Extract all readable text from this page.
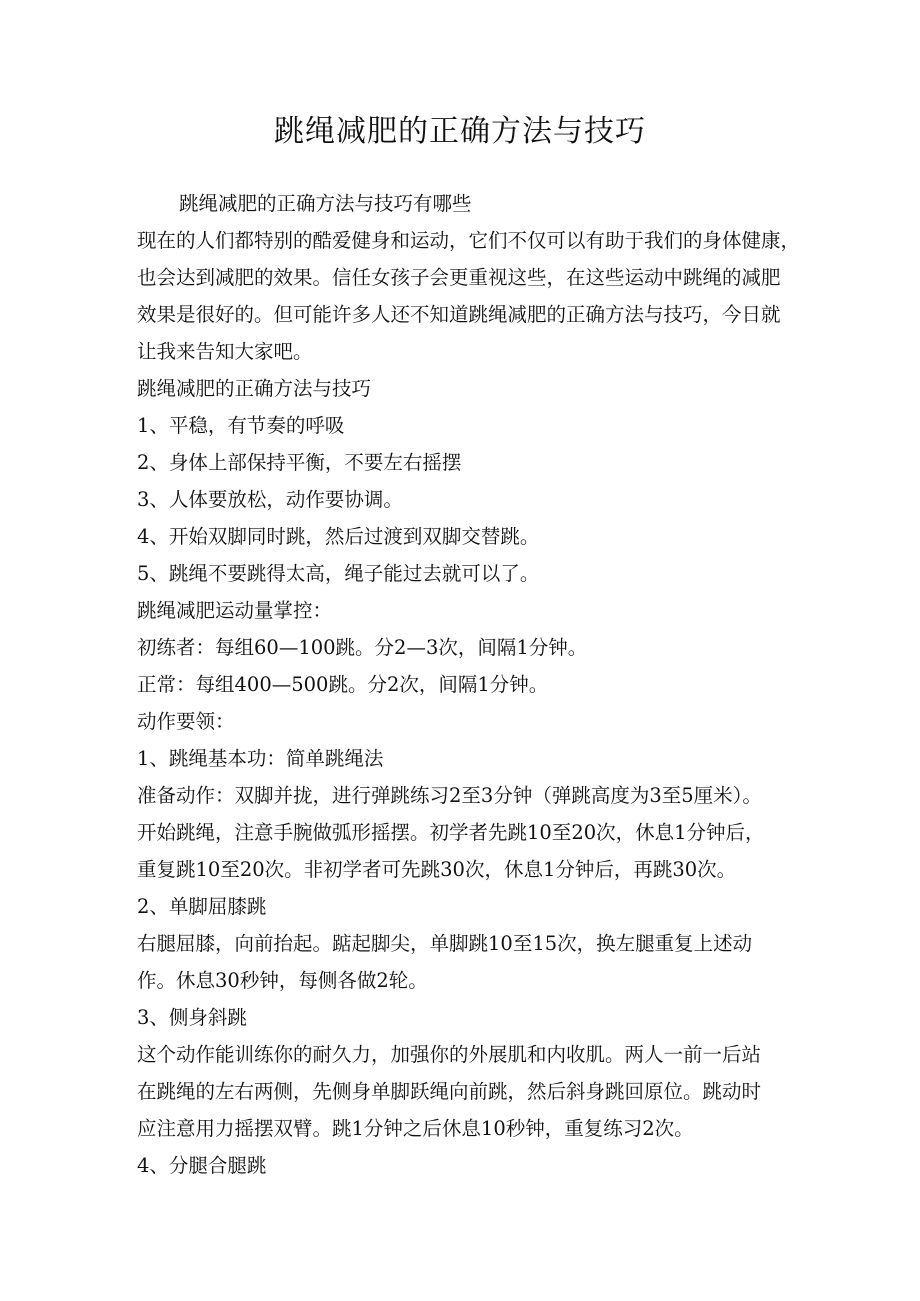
跳绳减肥的正确方法与技巧

跳绳减肥的正确方法与技巧有哪些

现在的人们都特别的酷爱健身和运动，它们不仅可以有助于我们的身体健康，

也会达到减肥的效果。信任女孩子会更重视这些，在这些运动中跳绳的减肥

效果是很好的。但可能许多人还不知道跳绳减肥的正确方法与技巧，今日就

让我来告知大家吧。

跳绳减肥的正确方法与技巧

1、平稳，有节奏的呼吸

2、身体上部保持平衡，不要左右摇摆

3、人体要放松，动作要协调。

4、开始双脚同时跳，然后过渡到双脚交替跳。

5、跳绳不要跳得太高，绳子能过去就可以了。

跳绳减肥运动量掌控：

初练者：每组60—100跳。分2—3次，间隔1分钟。

正常：每组400—500跳。分2次，间隔1分钟。

动作要领：

1、跳绳基本功：简单跳绳法

准备动作：双脚并拢，进行弹跳练习2至3分钟（弹跳高度为3至5厘米）。

开始跳绳，注意手腕做弧形摇摆。初学者先跳10至20次，休息1分钟后，

重复跳10至20次。非初学者可先跳30次，休息1分钟后，再跳30次。

2、单脚屈膝跳

右腿屈膝，向前抬起。踮起脚尖，单脚跳10至15次，换左腿重复上述动

作。休息30秒钟，每侧各做2轮。

3、侧身斜跳

这个动作能训练你的耐久力，加强你的外展肌和内收肌。两人一前一后站

在跳绳的左右两侧，先侧身单脚跃绳向前跳，然后斜身跳回原位。跳动时

应注意用力摇摆双臂。跳1分钟之后休息10秒钟，重复练习2次。

4、分腿合腿跳
